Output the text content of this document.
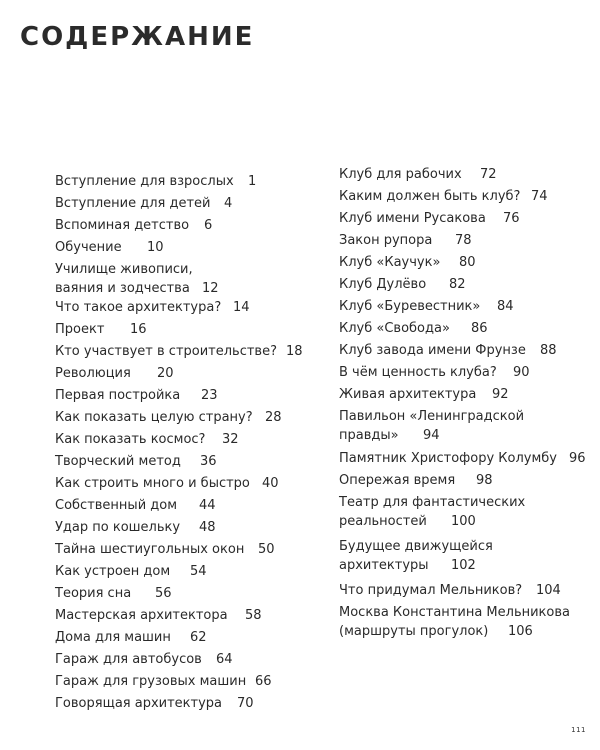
СОДЕРЖАНИЕ
Вступление для взрослых 1
Вступление для детей 4
Вспоминая детство 6
Обучение 10
Училище живописи,
ваяния и зодчества 12
Что такое архитектура? 14
Проект 16
Кто участвует в строительстве? 18
Революция 20
Первая постройка 23
Как показать целую страну? 28
Как показать космос? 32
Творческий метод 36
Как строить много и быстро 40
Собственный дом 44
Удар по кошельку 48
Тайна шестиугольных окон 50
Как устроен дом 54
Теория сна 56
Мастерская архитектора 58
Дома для машин 62
Гараж для автобусов 64
Гараж для грузовых машин 66
Говорящая архитектура 70
Клуб для рабочих 72
Каким должен быть клуб? 74
Клуб имени Русакова 76
Закон рупора 78
Клуб «Каучук» 80
Клуб Дулёво 82
Клуб «Буревестник» 84
Клуб «Свобода» 86
Клуб завода имени Фрунзе 88
В чём ценность клуба? 90
Живая архитектура 92
Павильон «Ленинградской
правды»	94
Памятник Христофору Колумбу 96
Опережая время 98
Театр для фантастических
реальностей	100
Будущее движущейся
архитектуры	102
Что придумал Мельников? 104
Москва Константина Мельникова
(маршруты прогулок)	106
111
